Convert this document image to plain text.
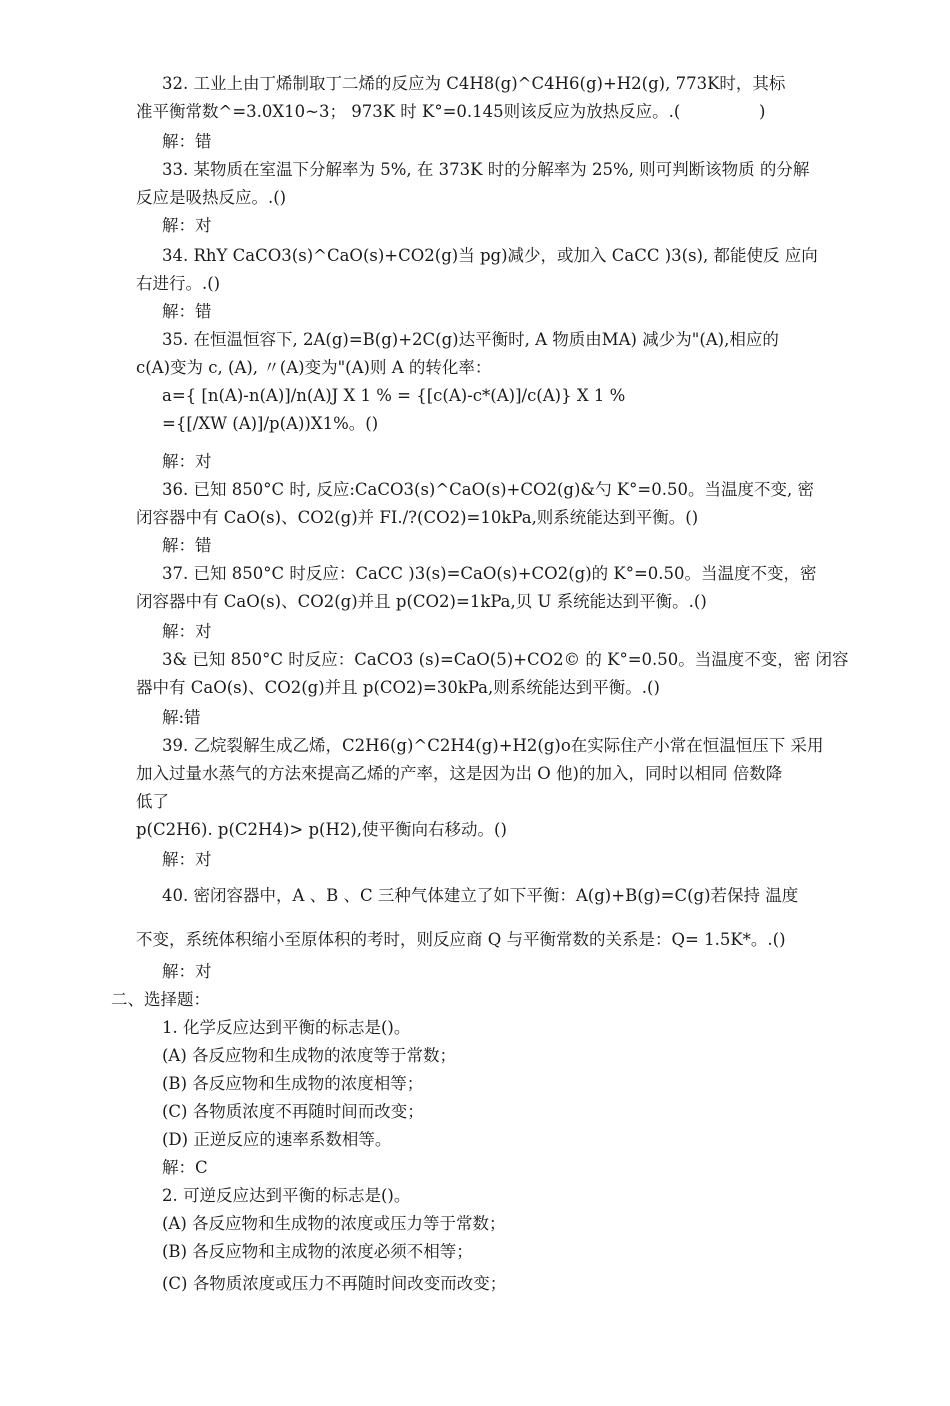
32. 工业上由丁烯制取丁二烯的反应为 C4H8(g)^C4H6(g)+H2(g), 773K时，其标
准平衡常数^=3.0X10~3； 973K 时 K°=0.145则该反应为放热反应。.(               )
解：错
33. 某物质在室温下分解率为 5%, 在 373K 时的分解率为 25%, 则可判断该物质 的分解
反应是吸热反应。.()
解：对
34. RhY CaCO3(s)^CaO(s)+CO2(g)当 pg)减少，或加入 CaCC )3(s), 都能使反 应向
右进行。.()
解：错
35. 在恒温恒容下, 2A(g)=B(g)+2C(g)达平衡时, A 物质由MA) 减少为"(A),相应的
c(A)变为 c, (A), 〃(A)变为"(A)则 A 的转化率：
a={ [n(A)-n(A)]/n(A)J X 1 % = {[c(A)-c*(A)]/c(A)} X 1 %
={[/XW (A)]/p(A))X1%。()
解：对
36. 已知 850°C 时, 反应:CaCO3(s)^CaO(s)+CO2(g)&勺 K°=0.50。当温度不变, 密
闭容器中有 CaO(s)、CO2(g)并 FI./?(CO2)=10kPa,则系统能达到平衡。()
解：错
37. 已知 850°C 时反应：CaCC )3(s)=CaO(s)+CO2(g)的 K°=0.50。当温度不变，密
闭容器中有 CaO(s)、CO2(g)并且 p(CO2)=1kPa,贝 U 系统能达到平衡。.()
解：对
3& 已知 850°C 时反应：CaCO3 (s)=CaO(5)+CO2© 的 K°=0.50。当温度不变，密 闭容
器中有 CaO(s)、CO2(g)并且 p(CO2)=30kPa,则系统能达到平衡。.()
解:错
39. 乙烷裂解生成乙烯，C2H6(g)^C2H4(g)+H2(g)o在实际住产小常在恒温恒压下 采用
加入过量水蒸气的方法來提高乙烯的产率，这是因为岀 O 他)的加入，同时以相同 倍数降
低了
p(C2H6). p(C2H4)> p(H2),使平衡向右移动。()
解：对
40. 密闭容器中，A 、B 、C 三种气体建立了如下平衡：A(g)+B(g)=C(g)若保持 温度
不变，系统体积缩小至原体积的考时，则反应商 Q 与平衡常数的关系是：Q= 1.5K*。.()
解：对
二、选择题：
1. 化学反应达到平衡的标志是()。
(A) 各反应物和生成物的浓度等于常数；
(B) 各反应物和生成物的浓度相等；
(C) 各物质浓度不再随时间而改变；
(D) 正逆反应的速率系数相等。
解：C
2. 可逆反应达到平衡的标志是()。
(A) 各反应物和生成物的浓度或压力等于常数；
(B) 各反应物和主成物的浓度必须不相等；
(C) 各物质浓度或压力不再随时间改变而改变；
